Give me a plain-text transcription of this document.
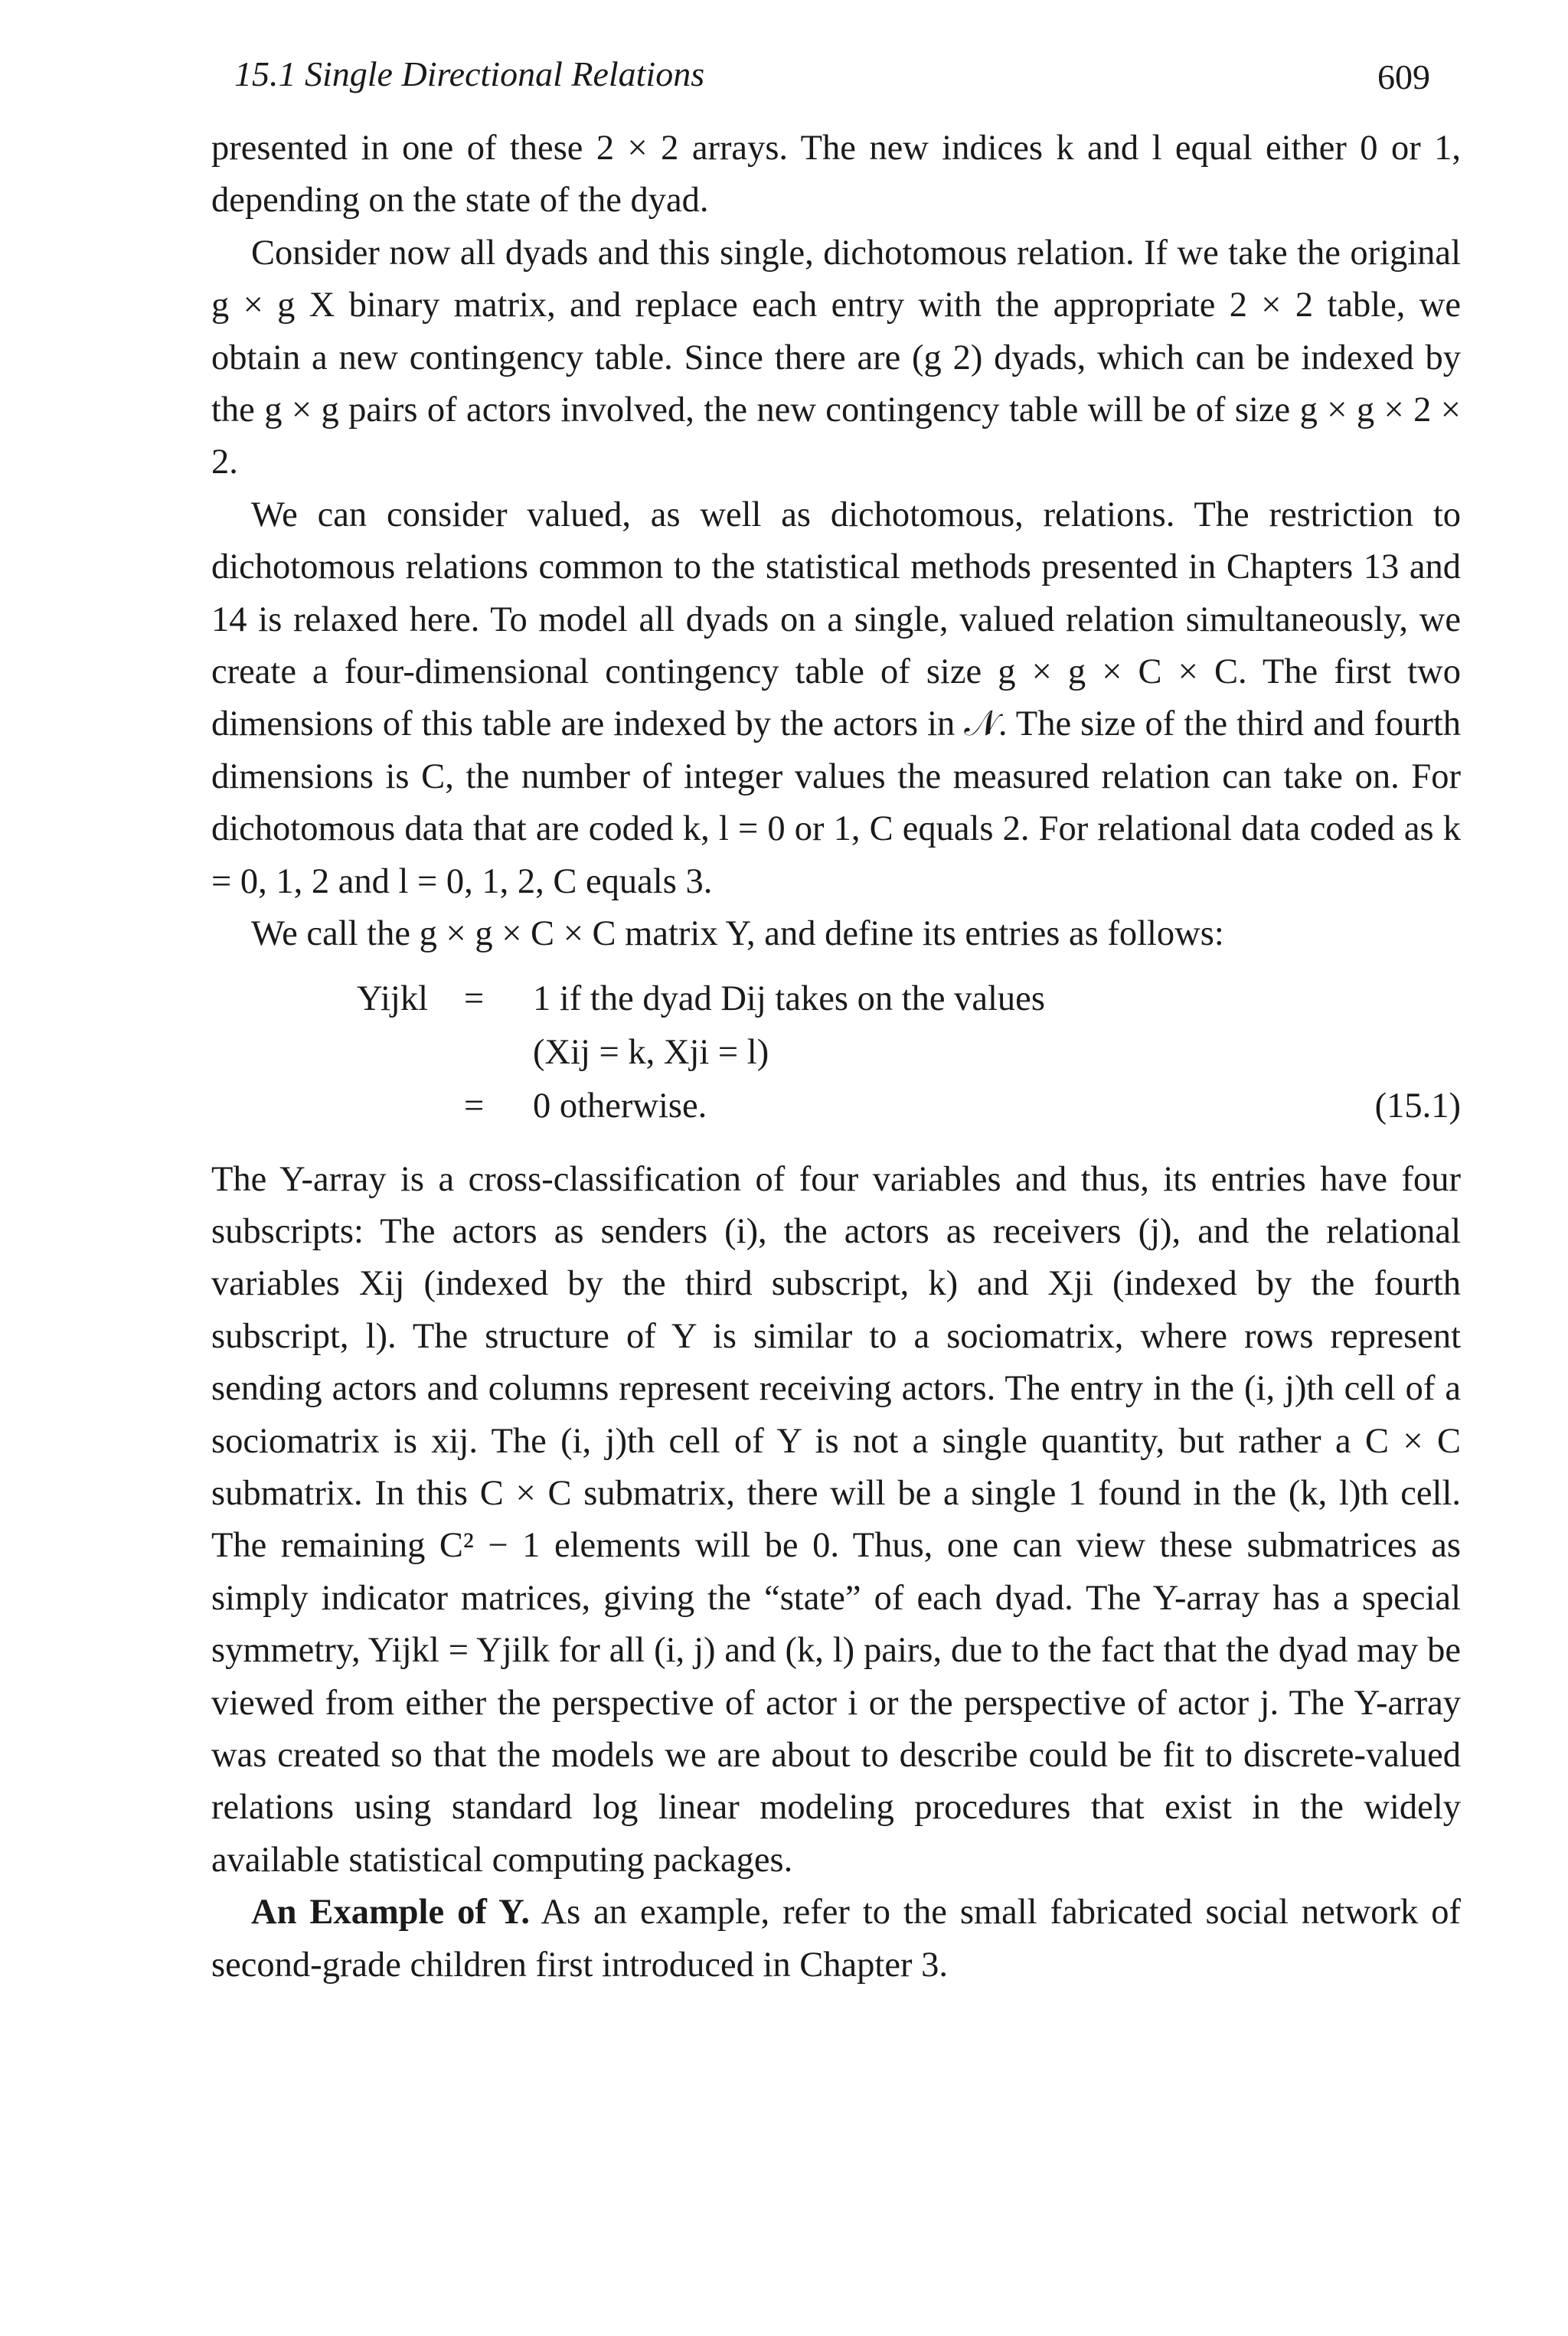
15.1 Single Directional Relations	609

presented in one of these 2 × 2 arrays. The new indices k and l equal either 0 or 1, depending on the state of the dyad.

Consider now all dyads and this single, dichotomous relation. If we take the original g × g X binary matrix, and replace each entry with the appropriate 2 × 2 table, we obtain a new contingency table. Since there are (g 2) dyads, which can be indexed by the g × g pairs of actors involved, the new contingency table will be of size g × g × 2 × 2.

We can consider valued, as well as dichotomous, relations. The restriction to dichotomous relations common to the statistical methods presented in Chapters 13 and 14 is relaxed here. To model all dyads on a single, valued relation simultaneously, we create a four-dimensional contingency table of size g × g × C × C. The first two dimensions of this table are indexed by the actors in 𝒩. The size of the third and fourth dimensions is C, the number of integer values the measured relation can take on. For dichotomous data that are coded k, l = 0 or 1, C equals 2. For relational data coded as k = 0, 1, 2 and l = 0, 1, 2, C equals 3.

We call the g × g × C × C matrix Y, and define its entries as follows:

Yijkl = 1 if the dyad Dij takes on the values
(Xij = k, Xji = l)
= 0 otherwise.	(15.1)

The Y-array is a cross-classification of four variables and thus, its entries have four subscripts: The actors as senders (i), the actors as receivers (j), and the relational variables Xij (indexed by the third subscript, k) and Xji (indexed by the fourth subscript, l). The structure of Y is similar to a sociomatrix, where rows represent sending actors and columns represent receiving actors. The entry in the (i, j)th cell of a sociomatrix is xij. The (i, j)th cell of Y is not a single quantity, but rather a C × C submatrix. In this C × C submatrix, there will be a single 1 found in the (k, l)th cell. The remaining C² − 1 elements will be 0. Thus, one can view these submatrices as simply indicator matrices, giving the “state” of each dyad. The Y-array has a special symmetry, Yijkl = Yjilk for all (i, j) and (k, l) pairs, due to the fact that the dyad may be viewed from either the perspective of actor i or the perspective of actor j. The Y-array was created so that the models we are about to describe could be fit to discrete-valued relations using standard log linear modeling procedures that exist in the widely available statistical computing packages.

An Example of Y. As an example, refer to the small fabricated social network of second-grade children first introduced in Chapter 3.
